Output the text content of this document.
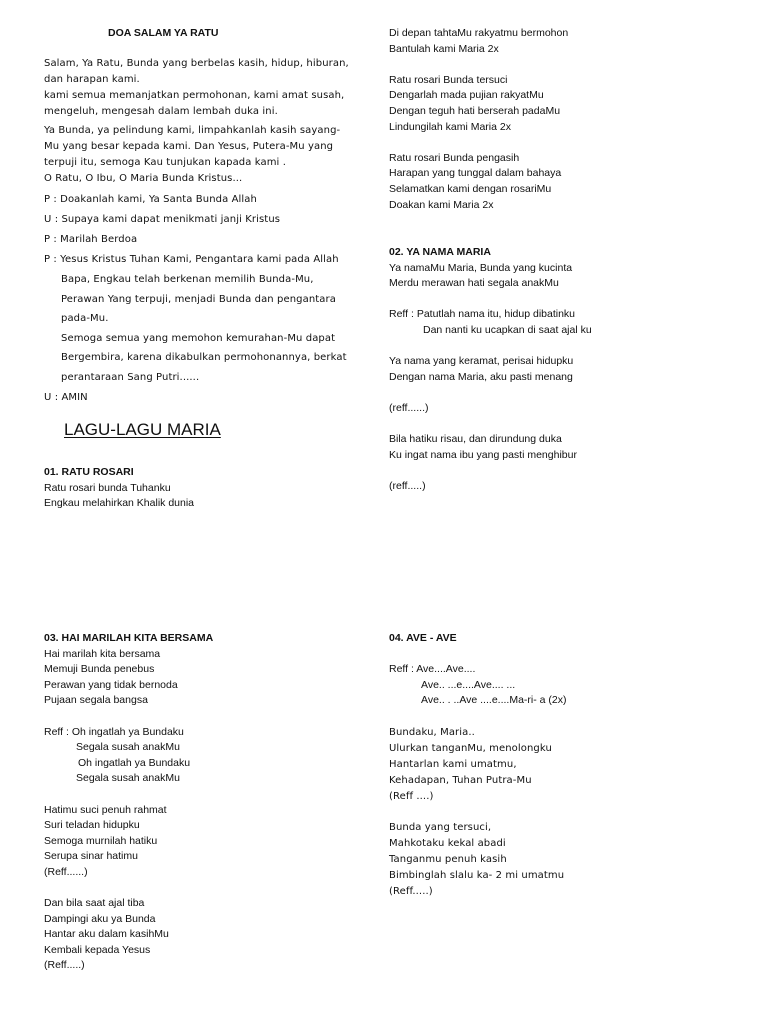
DOA SALAM YA RATU
Salam, Ya Ratu, Bunda yang berbelas kasih, hidup, hiburan,
dan harapan kami.
kami semua memanjatkan permohonan, kami amat susah,
mengeluh, mengesah dalam lembah duka ini.
Ya Bunda, ya pelindung kami, limpahkanlah kasih sayang-
Mu yang besar kepada kami. Dan Yesus, Putera-Mu yang
terpuji itu, semoga Kau tunjukan kapada kami .
O Ratu, O Ibu, O Maria Bunda Kristus...
P : Doakanlah kami, Ya Santa Bunda Allah
U : Supaya kami dapat menikmati janji Kristus
P : Marilah Berdoa
P : Yesus Kristus Tuhan Kami, Pengantara kami pada Allah
Bapa, Engkau telah berkenan memilih Bunda-Mu,
Perawan Yang terpuji, menjadi Bunda dan pengantara
pada-Mu.
Semoga semua yang memohon kemurahan-Mu dapat
Bergembira, karena dikabulkan permohonannya, berkat
perantaraan Sang Putri......
U : AMIN
LAGU-LAGU MARIA
01. RATU ROSARI
Ratu rosari bunda Tuhanku
Engkau melahirkan Khalik dunia
Di depan tahtaMu rakyatmu bermohon
Bantulah kami Maria 2x
Ratu rosari Bunda tersuci
Dengarlah mada pujian rakyatMu
Dengan teguh hati berserah padaMu
Lindungilah kami Maria 2x
Ratu rosari Bunda pengasih
Harapan yang tunggal dalam bahaya
Selamatkan kami dengan rosariMu
Doakan kami Maria 2x
02. YA NAMA MARIA
Ya namaMu Maria, Bunda yang kucinta
Merdu merawan hati segala anakMu
Reff : Patutlah nama itu, hidup dibatinku
Dan nanti ku ucapkan di saat ajal ku
Ya nama yang keramat, perisai hidupku
Dengan nama Maria, aku pasti menang
(reff......)
Bila hatiku risau, dan dirundung duka
Ku ingat nama ibu yang pasti menghibur
(reff.....)
03. HAI MARILAH KITA BERSAMA
Hai marilah kita bersama
Memuji Bunda penebus
Perawan yang tidak bernoda
Pujaan segala bangsa
Reff : Oh ingatlah ya Bundaku
Segala susah anakMu
Oh ingatlah ya Bundaku
Segala susah anakMu
Hatimu suci penuh rahmat
Suri teladan hidupku
Semoga murnilah hatiku
Serupa sinar hatimu
(Reff......)
Dan bila saat ajal tiba
Dampingi aku ya Bunda
Hantar aku dalam kasihMu
Kembali kepada Yesus
(Reff.....)
04. AVE - AVE
Reff : Ave....Ave....
Ave.. ...e....Ave.... ...
Ave.. . ..Ave ....e....Ma-ri- a (2x)
Bundaku, Maria..
Ulurkan tanganMu, menolongku
Hantarlan kami umatmu,
Kehadapan, Tuhan Putra-Mu
(Reff ....)
Bunda yang tersuci,
Mahkotaku kekal abadi
Tanganmu penuh kasih
Bimbinglah slalu ka- 2 mi umatmu
(Reff.....)
